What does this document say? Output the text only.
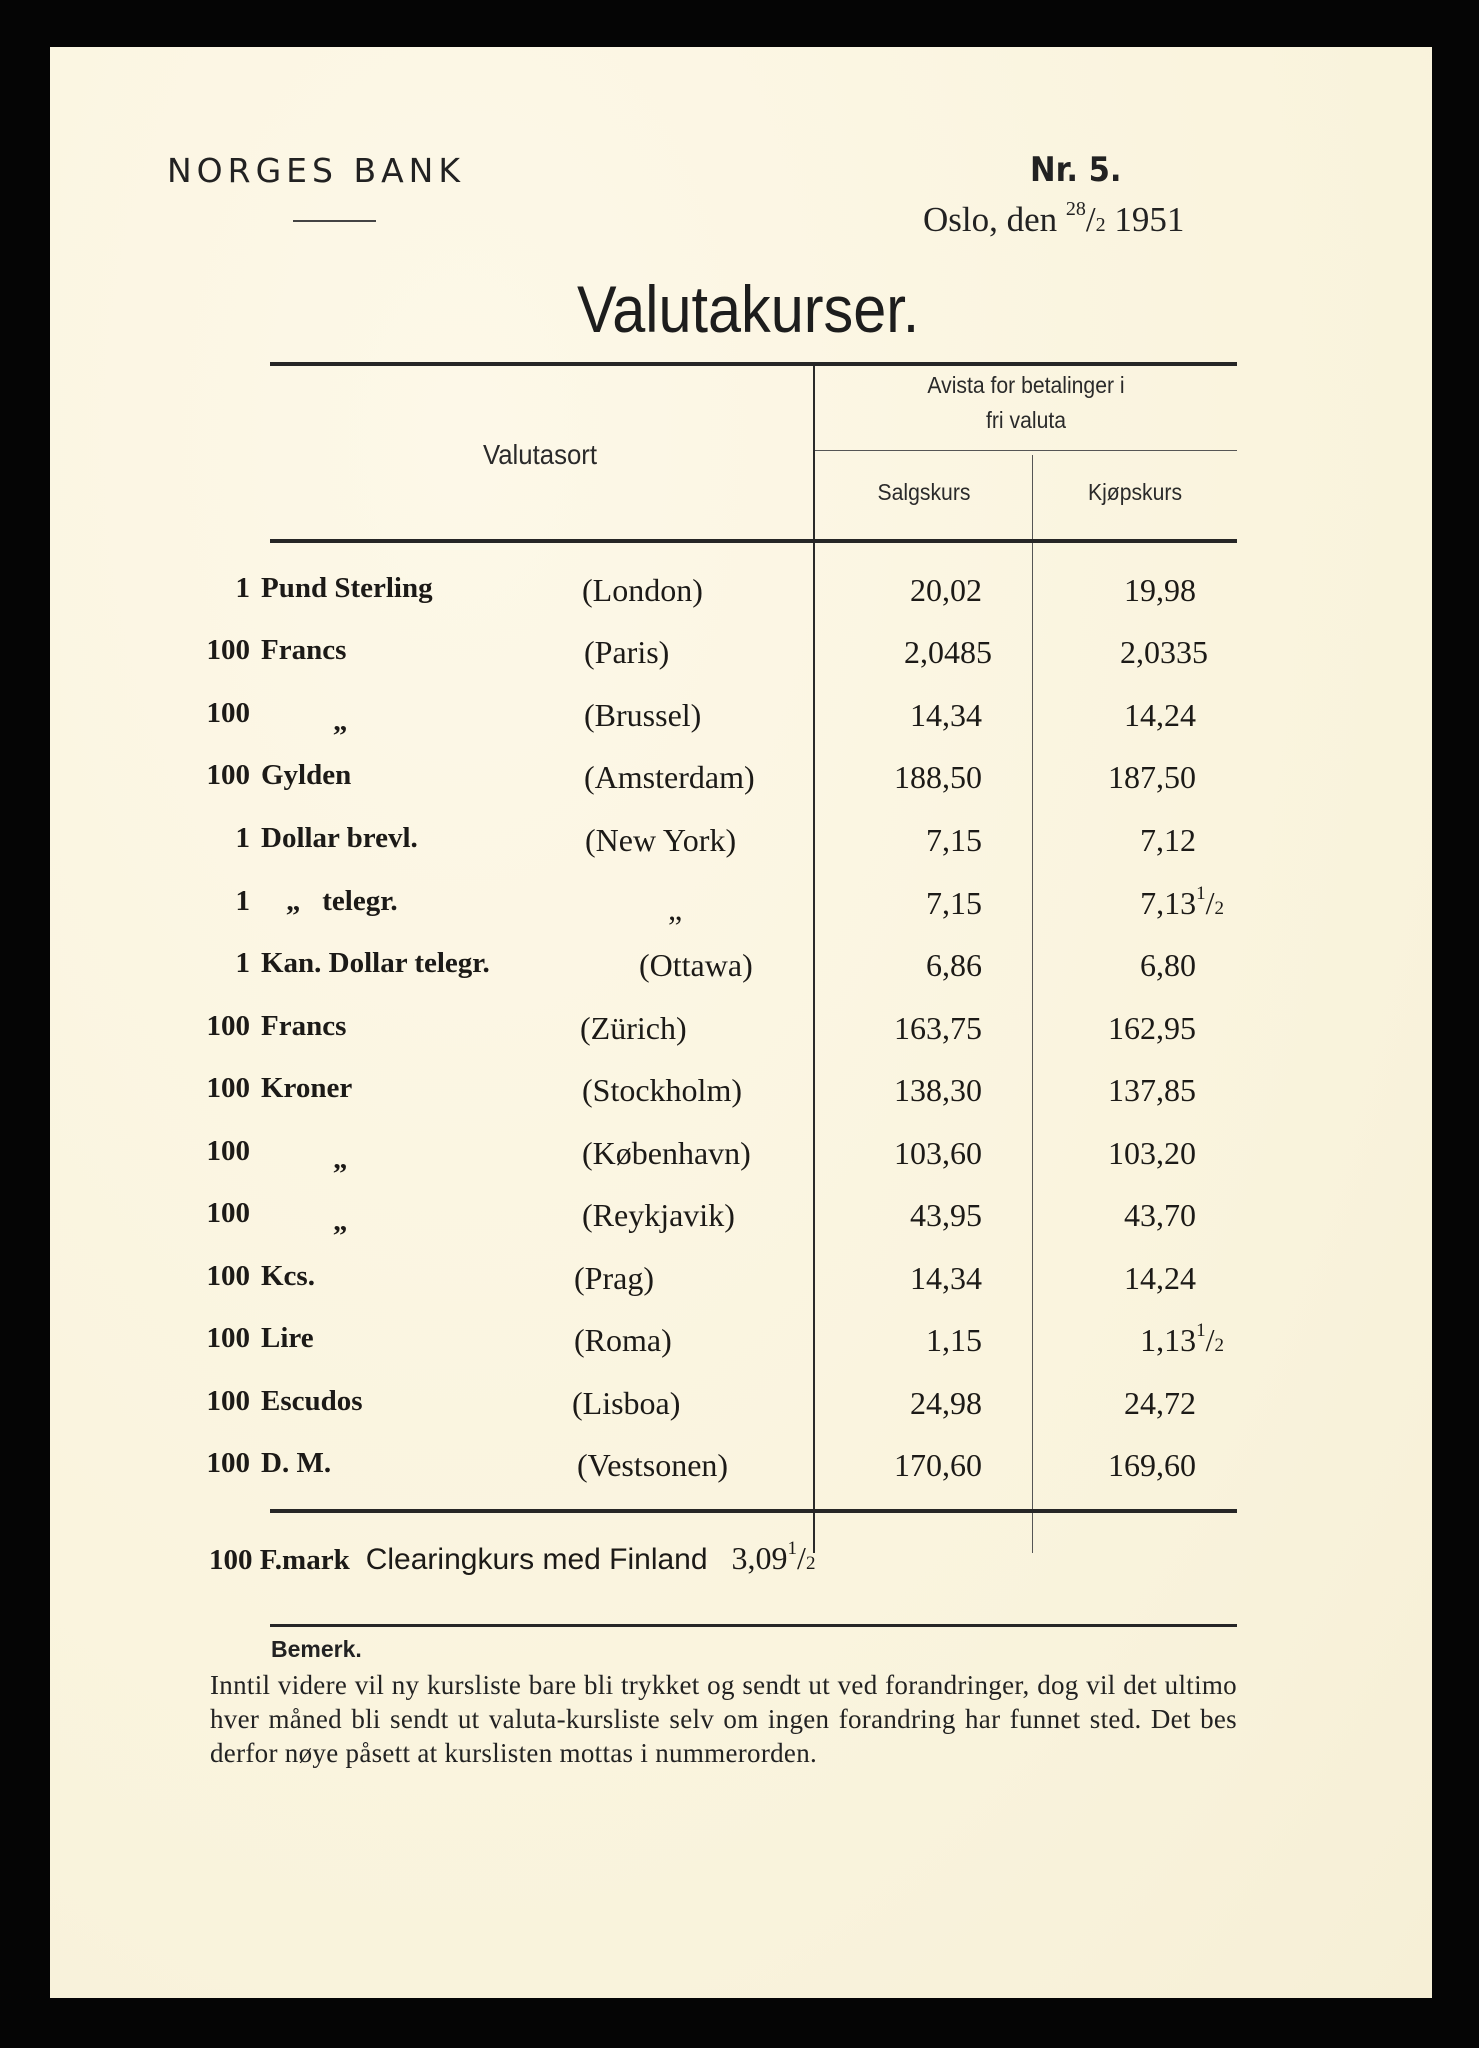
NORGES BANK	Nr. 5.
Oslo, den $^{28}$/2 1951
Valutakurser.
Valutasort
Avista for betalinger i
fri valuta
Salgskurs	Kjøpskurs
1 Pund Sterling	(London)	20,02	19,98
100 Francs	(Paris)	2,0485	2,0335
100	„	(Brussel)	14,34	14,24
100 Gylden	(Amsterdam)	188,50	187,50
1 Dollar brevl.	(New York)	7,15	7,12
1 „   telegr.	„	7,15	7,13$^1$/2
1 Kan. Dollar telegr.	(Ottawa)	6,86	6,80
100 Francs	(Zürich)	163,75	162,95
100 Kroner	(Stockholm)	138,30	137,85
100	„	(København)	103,60	103,20
100	„	(Reykjavik)	43,95	43,70
100 Kcs.	(Prag)	14,34	14,24
100 Lire	(Roma)	1,15	1,13$^1$/2
100 Escudos	(Lisboa)	24,98	24,72
100 D. M.	(Vestsonen)	170,60	169,60
100 F.mark Clearingkurs med Finland 3,09$^1$/2
Bemerk.
Inntil videre vil ny kursliste bare bli trykket og sendt ut ved forandringer, dog vil det ultimo hver måned bli sendt ut valuta-kursliste selv om ingen forandring har funnet sted. Det bes derfor nøye påsett at kurslisten mottas i nummerorden.
